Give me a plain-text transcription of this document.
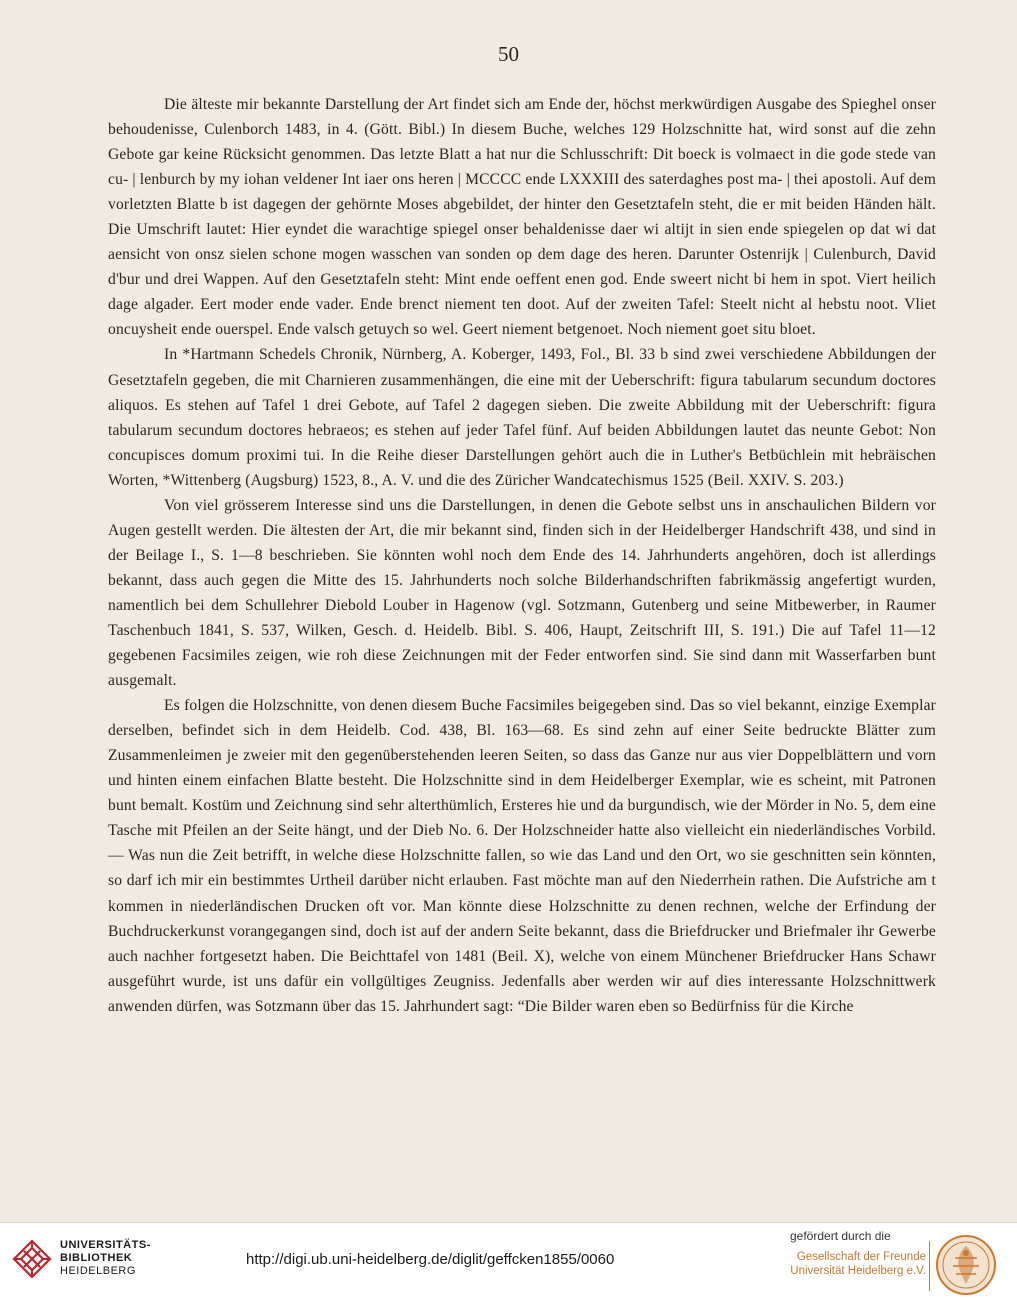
50

Die älteste mir bekannte Darstellung der Art findet sich am Ende der, höchst merkwürdigen Ausgabe des Spieghel onser behoudenisse, Culenborch 1483, in 4. (Gött. Bibl.) In diesem Buche, welches 129 Holzschnitte hat, wird sonst auf die zehn Gebote gar keine Rücksicht genommen. Das letzte Blatt a hat nur die Schlusschrift: Dit boeck is volmaect in die gode stede van cu- | lenburch by my iohan veldener Int iaer ons heren | MCCCC ende LXXXIII des saterdaghes post ma- | thei apostoli. Auf dem vorletzten Blatte b ist dagegen der gehörnte Moses abgebildet, der hinter den Gesetztafeln steht, die er mit beiden Händen hält. Die Umschrift lautet: Hier eyndet die warachtige spiegel onser behaldenisse daer wi altijt in sien ende spiegelen op dat wi dat aensicht von onsz sielen schone mogen wasschen van sonden op dem dage des heren. Darunter Ostenrijk | Culenburch, David d'bur und drei Wappen. Auf den Gesetztafeln steht: Mint ende oeffent enen god. Ende sweert nicht bi hem in spot. Viert heilich dage algader. Eert moder ende vader. Ende brenct niement ten doot. Auf der zweiten Tafel: Steelt nicht al hebstu noot. Vliet oncuysheit ende ouerspel. Ende valsch getuych so wel. Geert niement betgenoet. Noch niement goet situ bloet.

In *Hartmann Schedels Chronik, Nürnberg, A. Koberger, 1493, Fol., Bl. 33 b sind zwei verschiedene Abbildungen der Gesetztafeln gegeben, die mit Charnieren zusammenhängen, die eine mit der Ueberschrift: figura tabularum secundum doctores aliquos. Es stehen auf Tafel 1 drei Gebote, auf Tafel 2 dagegen sieben. Die zweite Abbildung mit der Ueberschrift: figura tabularum secundum doctores hebraeos; es stehen auf jeder Tafel fünf. Auf beiden Abbildungen lautet das neunte Gebot: Non concupisces domum proximi tui. In die Reihe dieser Darstellungen gehört auch die in Luther's Betbüchlein mit hebräischen Worten, *Wittenberg (Augsburg) 1523, 8., A. V. und die des Züricher Wandcatechismus 1525 (Beil. XXIV. S. 203.)

Von viel grösserem Interesse sind uns die Darstellungen, in denen die Gebote selbst uns in anschaulichen Bildern vor Augen gestellt werden. Die ältesten der Art, die mir bekannt sind, finden sich in der Heidelberger Handschrift 438, und sind in der Beilage I., S. 1—8 beschrieben. Sie könnten wohl noch dem Ende des 14. Jahrhunderts angehören, doch ist allerdings bekannt, dass auch gegen die Mitte des 15. Jahrhunderts noch solche Bilderhandschriften fabrikmässig angefertigt wurden, namentlich bei dem Schullehrer Diebold Louber in Hagenow (vgl. Sotzmann, Gutenberg und seine Mitbewerber, in Raumer Taschenbuch 1841, S. 537, Wilken, Gesch. d. Heidelb. Bibl. S. 406, Haupt, Zeitschrift III, S. 191.) Die auf Tafel 11—12 gegebenen Facsimiles zeigen, wie roh diese Zeichnungen mit der Feder entworfen sind. Sie sind dann mit Wasserfarben bunt ausgemalt.

Es folgen die Holzschnitte, von denen diesem Buche Facsimiles beigegeben sind. Das so viel bekannt, einzige Exemplar derselben, befindet sich in dem Heidelb. Cod. 438, Bl. 163—68. Es sind zehn auf einer Seite bedruckte Blätter zum Zusammenleimen je zweier mit den gegenüberstehenden leeren Seiten, so dass das Ganze nur aus vier Doppelblättern und vorn und hinten einem einfachen Blatte besteht. Die Holzschnitte sind in dem Heidelberger Exemplar, wie es scheint, mit Patronen bunt bemalt. Kostüm und Zeichnung sind sehr alterthümlich, Ersteres hie und da burgundisch, wie der Mörder in No. 5, dem eine Tasche mit Pfeilen an der Seite hängt, und der Dieb No. 6. Der Holzschneider hatte also vielleicht ein niederländisches Vorbild. — Was nun die Zeit betrifft, in welche diese Holzschnitte fallen, so wie das Land und den Ort, wo sie geschnitten sein könnten, so darf ich mir ein bestimmtes Urtheil darüber nicht erlauben. Fast möchte man auf den Niederrhein rathen. Die Aufstriche am t kommen in niederländischen Drucken oft vor. Man könnte diese Holzschnitte zu denen rechnen, welche der Erfindung der Buchdruckerkunst vorangegangen sind, doch ist auf der andern Seite bekannt, dass die Briefdrucker und Briefmaler ihr Gewerbe auch nachher fortgesetzt haben. Die Beichttafel von 1481 (Beil. X), welche von einem Münchener Briefdrucker Hans Schawr ausgeführt wurde, ist uns dafür ein vollgültiges Zeugniss. Jedenfalls aber werden wir auf dies interessante Holzschnittwerk anwenden dürfen, was Sotzmann über das 15. Jahrhundert sagt: “Die Bilder waren eben so Bedürfniss für die Kirche

UNIVERSITÄTS-
BIBLIOTHEK
HEIDELBERG
http://digi.ub.uni-heidelberg.de/diglit/geffcken1855/0060
gefördert durch die
Gesellschaft der Freunde
Universität Heidelberg e.V.
